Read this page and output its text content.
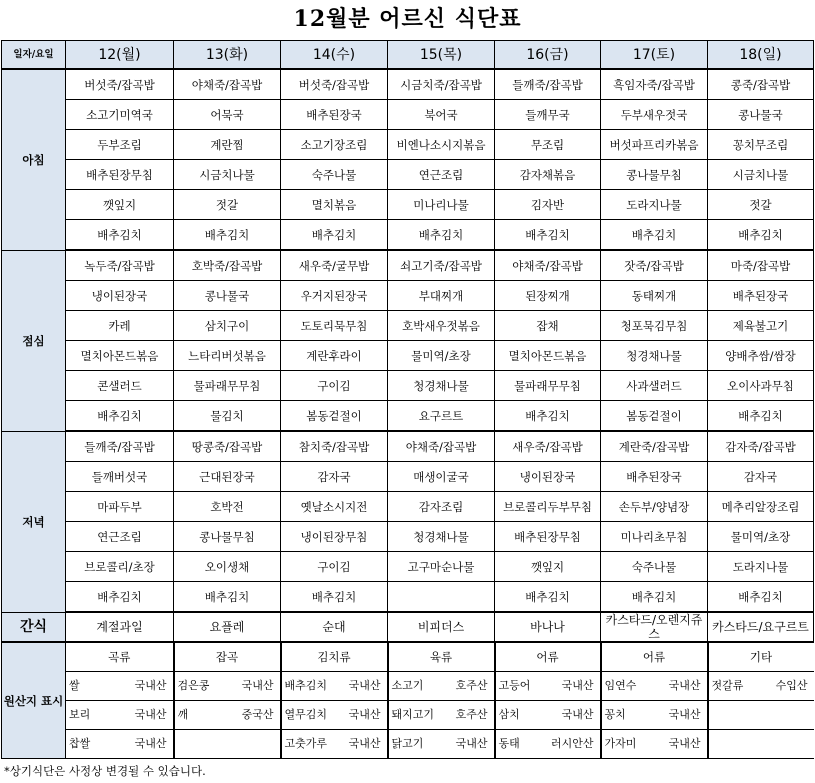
12월분 어르신 식단표
일자/요일	12(월)	13(화)	14(수)	15(목)	16(금)	17(토)	18(일)
아침	버섯죽/잡곡밥	야채죽/잡곡밥	버섯죽/잡곡밥	시금치죽/잡곡밥	들깨죽/잡곡밥	흑임자죽/잡곡밥	콩죽/잡곡밥
	소고기미역국	어묵국	배추된장국	북어국	들깨무국	두부새우젓국	콩나물국
	두부조림	계란찜	소고기장조림	비엔나소시지볶음	무조림	버섯파프리카볶음	꽁치무조림
	배추된장무침	시금치나물	숙주나물	연근조림	감자채볶음	콩나물무침	시금치나물
	깻잎지	젓갈	멸치볶음	미나리나물	김자반	도라지나물	젓갈
	배추김치	배추김치	배추김치	배추김치	배추김치	배추김치	배추김치
점심	녹두죽/잡곡밥	호박죽/잡곡밥	새우죽/굴무밥	쇠고기죽/잡곡밥	야채죽/잡곡밥	잣죽/잡곡밥	마죽/잡곡밥
	냉이된장국	콩나물국	우거지된장국	부대찌개	된장찌개	동태찌개	배추된장국
	카레	삼치구이	도토리묵무침	호박새우젓볶음	잡채	청포묵김무침	제육불고기
	멸치아몬드볶음	느타리버섯볶음	계란후라이	물미역/초장	멸치아몬드볶음	청경채나물	양배추쌈/쌈장
	콘샐러드	물파래무무침	구이김	청경채나물	물파래무무침	사과샐러드	오이사과무침
	배추김치	물김치	봄동겉절이	요구르트	배추김치	봄동겉절이	배추김치
저녁	들깨죽/잡곡밥	땅콩죽/잡곡밥	참치죽/잡곡밥	야채죽/잡곡밥	새우죽/잡곡밥	계란죽/잡곡밥	감자죽/잡곡밥
	들깨버섯국	근대된장국	감자국	매생이굴국	냉이된장국	배추된장국	감자국
	마파두부	호박전	옛날소시지전	감자조림	브로콜리두부무침	손두부/양념장	메추리알장조림
	연근조림	콩나물무침	냉이된장무침	청경채나물	배추된장무침	미나리초무침	물미역/초장
	브로콜리/초장	오이생채	구이김	고구마순나물	깻잎지	숙주나물	도라지나물
	배추김치	배추김치	배추김치		배추김치	배추김치	배추김치
간식	계절과일	요플레	순대	비피더스	바나나	카스타드/오렌지쥬스	카스타드/요구르트
원산지 표시	곡류	잡곡	김치류	육류	어류	어류	기타

	쌀 국내산	검은콩 국내산	배추김치 국내산	소고기 호주산	고등어 국내산	임연수 국내산	젓갈류 수입산

	보리 국내산	깨 중국산	열무김치 국내산	돼지고기 호주산	삼치 국내산	꽁치 국내산	

	찹쌀 국내산		고춧가루 국내산	닭고기 국내산	동태 러시안산	가자미 국내산	

*상기식단은 사정상 변경될 수 있습니다.
